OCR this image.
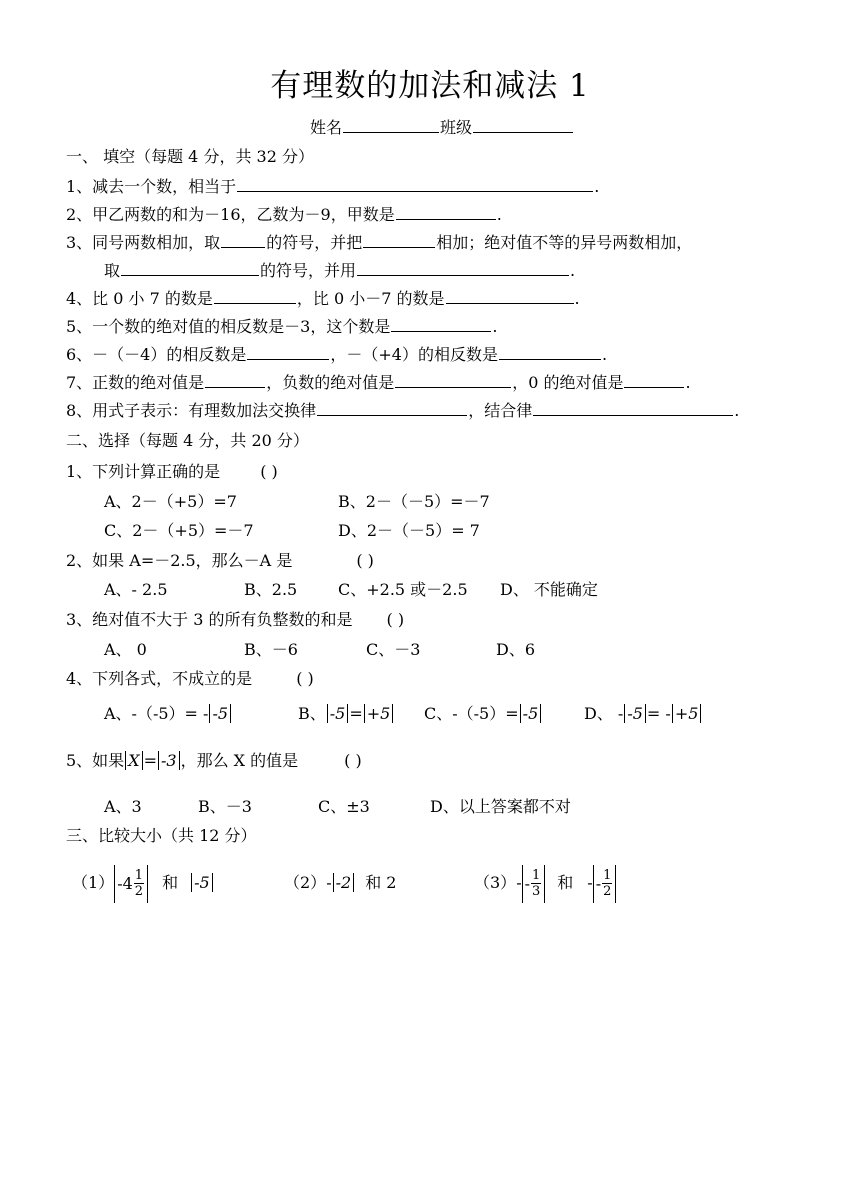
有理数的加法和减法 1
姓名	班级
一、 填空（每题 4 分，共 32 分）
1、减去一个数，相当于	.
2、甲乙两数的和为－16，乙数为－9，甲数是	.
3、同号两数相加，取	的符号，并把	相加；绝对值不等的异号两数相加，
取	的符号，并用	.
4、比 0 小 7 的数是	，比 0 小－7 的数是	.
5、一个数的绝对值的相反数是－3，这个数是	.
6、－（－4）的相反数是	，－（+4）的相反数是	.
7、正数的绝对值是	，负数的绝对值是	，0 的绝对值是	.
8、用式子表示：有理数加法交换律	，结合律	.
二、选择（每题 4 分，共 20 分）
1、下列计算正确的是	( )
A、2－（+5）=7	B、2－（－5）=－7
C、2－（+5）=－7	D、2－（－5）= 7
2、如果 A=－2.5，那么－A 是	( )
A、- 2.5	B、2.5	C、+2.5 或－2.5 D、 不能确定
3、绝对值不大于 3 的所有负整数的和是 ( )
A、 0	B、－6	C、－3	D、6
4、下列各式，不成立的是	( )
A、-（-5）= - -5	B、 -5 = +5 C、-（-5）= -5	D、 - -5 = - +5
5、如果 X = -3 ，那么 X 的值是	( )
A、3	B、－3	C、±3	D、以上答案都不对
三、比较大小（共 12 分）
（1） $-4 \frac{1}{2}$ 和 -5	（2）- -2 和 2	$(3)- - \frac{1}{3}$ 和 - - $\frac{1}{2}$
